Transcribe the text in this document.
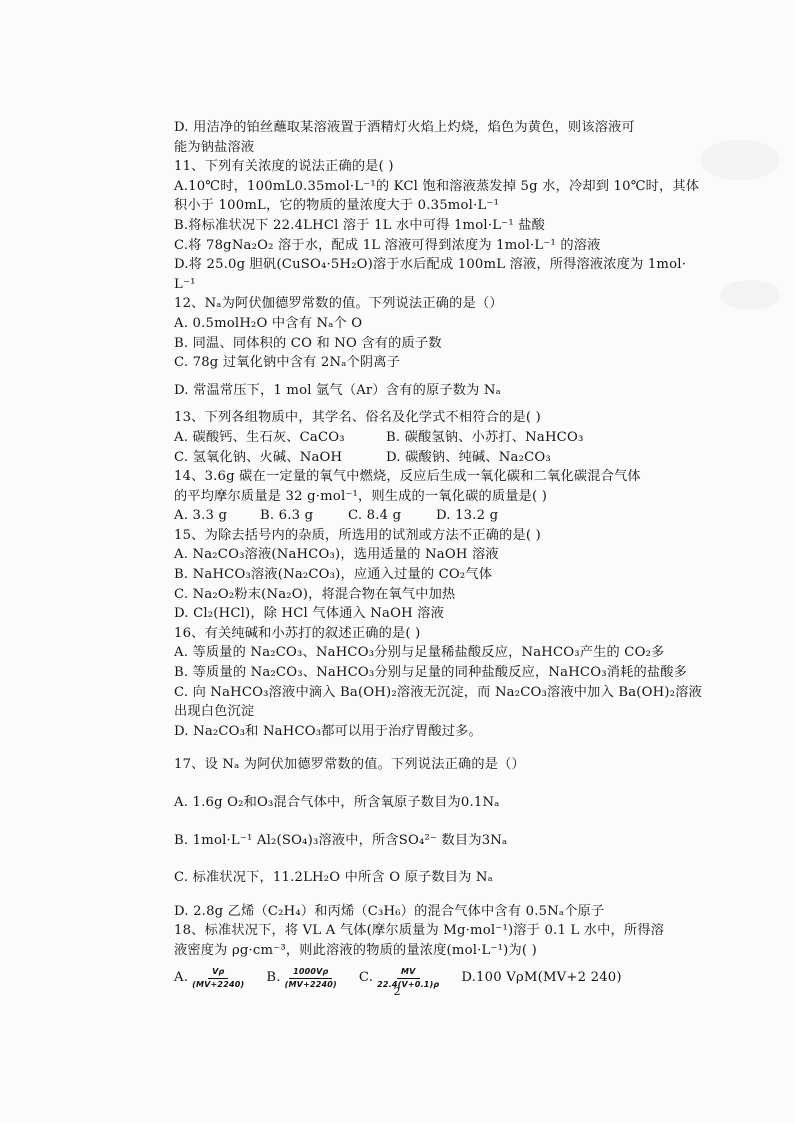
D. 用洁净的铂丝蘸取某溶液置于酒精灯火焰上灼烧，焰色为黄色，则该溶液可
能为钠盐溶液
11、下列有关浓度的说法正确的是( )
A.10℃时，100mL0.35mol·L⁻¹的 KCl 饱和溶液蒸发掉 5g 水，冷却到 10℃时，其体
积小于 100mL，它的物质的量浓度大于 0.35mol·L⁻¹
B.将标准状况下 22.4LHCl 溶于 1L 水中可得 1mol·L⁻¹ 盐酸
C.将 78gNa₂O₂ 溶于水，配成 1L 溶液可得到浓度为 1mol·L⁻¹ 的溶液
D.将 25.0g 胆矾(CuSO₄·5H₂O)溶于水后配成 100mL 溶液，所得溶液浓度为 1mol·
L⁻¹
12、Nₐ为阿伏伽德罗常数的值。下列说法正确的是（）
A. 0.5molH₂O 中含有 Nₐ个 O
B. 同温、同体积的 CO 和 NO 含有的质子数
C. 78g 过氧化钠中含有 2Nₐ个阴离子
D. 常温常压下，1 mol 氩气（Ar）含有的原子数为 Nₐ
13、下列各组物质中，其学名、俗名及化学式不相符合的是( )
A. 碳酸钙、生石灰、CaCO₃	B. 碳酸氢钠、小苏打、NaHCO₃
C. 氢氧化钠、火碱、NaOH	D. 碳酸钠、纯碱、Na₂CO₃
14、3.6g 碳在一定量的氧气中燃烧，反应后生成一氧化碳和二氧化碳混合气体
的平均摩尔质量是 32 g·mol⁻¹，则生成的一氧化碳的质量是( )
A. 3.3 g	B. 6.3 g	C. 8.4 g	D. 13.2 g
15、为除去括号内的杂质，所选用的试剂或方法不正确的是( )
A. Na₂CO₃溶液(NaHCO₃)，选用适量的 NaOH 溶液
B. NaHCO₃溶液(Na₂CO₃)，应通入过量的 CO₂气体
C. Na₂O₂粉末(Na₂O)，将混合物在氧气中加热
D. Cl₂(HCl)，除 HCl 气体通入 NaOH 溶液
16、有关纯碱和小苏打的叙述正确的是( )
A. 等质量的 Na₂CO₃、NaHCO₃分别与足量稀盐酸反应，NaHCO₃产生的 CO₂多
B. 等质量的 Na₂CO₃、NaHCO₃分别与足量的同种盐酸反应，NaHCO₃消耗的盐酸多
C. 向 NaHCO₃溶液中滴入 Ba(OH)₂溶液无沉淀，而 Na₂CO₃溶液中加入 Ba(OH)₂溶液
出现白色沉淀
D. Na₂CO₃和 NaHCO₃都可以用于治疗胃酸过多。
17、设 Nₐ 为阿伏加德罗常数的值。下列说法正确的是（）
A. 1.6g O₂和O₃混合气体中，所含氧原子数目为0.1Nₐ
B. 1mol·L⁻¹ Al₂(SO₄)₃溶液中，所含SO₄²⁻ 数目为3Nₐ
C. 标准状况下，11.2LH₂O 中所含 O 原子数目为 Nₐ
D. 2.8g 乙烯（C₂H₄）和丙烯（C₃H₆）的混合气体中含有 0.5Nₐ个原子
18、标准状况下，将 VL A 气体(摩尔质量为 Mg·mol⁻¹)溶于 0.1 L 水中，所得溶
液密度为 ρg·cm⁻³，则此溶液的物质的量浓度(mol·L⁻¹)为( )
A. $\frac{V\rho}{(MV+2240)} B$. $\frac{1000V\rho}{(MV+2240)} C$. $\frac{MV}{22.4(V+0.1)\rho} D.100$ VρM(MV+2 240)
2
